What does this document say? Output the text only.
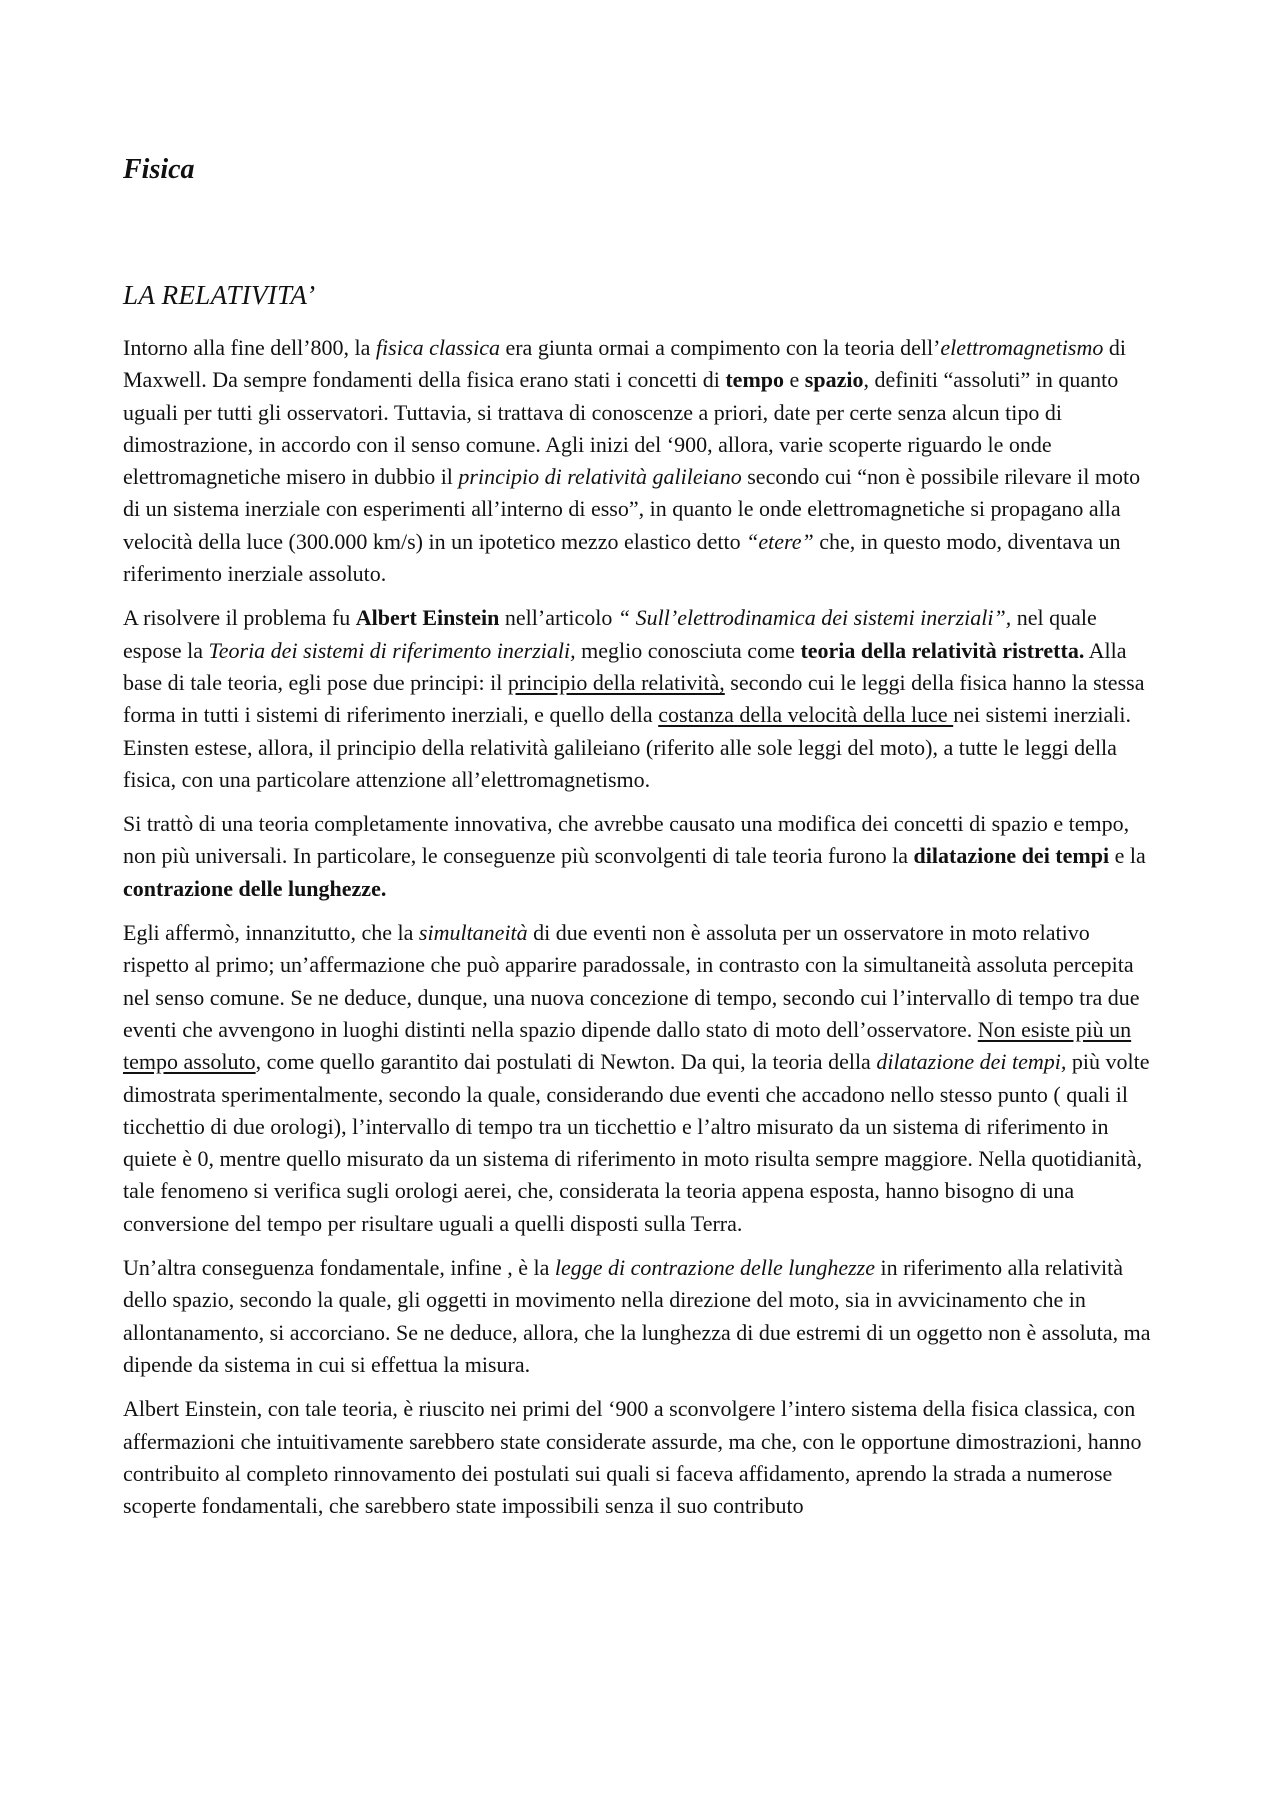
Fisica
LA RELATIVITA’

Intorno alla fine dell’800, la fisica classica era giunta ormai a compimento con la teoria dell’elettromagnetismo di Maxwell. Da sempre fondamenti della fisica erano stati i concetti di tempo e spazio, definiti “assoluti” in quanto uguali per tutti gli osservatori. Tuttavia, si trattava di conoscenze a priori, date per certe senza alcun tipo di dimostrazione, in accordo con il senso comune. Agli inizi del ‘900, allora, varie scoperte riguardo le onde elettromagnetiche misero in dubbio il principio di relatività galileiano secondo cui “non è possibile rilevare il moto di un sistema inerziale con esperimenti all’interno di esso”, in quanto le onde elettromagnetiche si propagano alla velocità della luce (300.000 km/s) in un ipotetico mezzo elastico detto “etere” che, in questo modo, diventava un riferimento inerziale assoluto.

A risolvere il problema fu Albert Einstein nell’articolo “ Sull’elettrodinamica dei sistemi inerziali”, nel quale espose la Teoria dei sistemi di riferimento inerziali, meglio conosciuta come teoria della relatività ristretta. Alla base di tale teoria, egli pose due principi: il principio della relatività, secondo cui le leggi della fisica hanno la stessa forma in tutti i sistemi di riferimento inerziali, e quello della costanza della velocità della luce nei sistemi inerziali. Einsten estese, allora, il principio della relatività galileiano (riferito alle sole leggi del moto), a tutte le leggi della fisica, con una particolare attenzione all’elettromagnetismo.

Si trattò di una teoria completamente innovativa, che avrebbe causato una modifica dei concetti di spazio e tempo, non più universali. In particolare, le conseguenze più sconvolgenti di tale teoria furono la dilatazione dei tempi e la contrazione delle lunghezze.

Egli affermò, innanzitutto, che la simultaneità di due eventi non è assoluta per un osservatore in moto relativo rispetto al primo; un’affermazione che può apparire paradossale, in contrasto con la simultaneità assoluta percepita nel senso comune. Se ne deduce, dunque, una nuova concezione di tempo, secondo cui l’intervallo di tempo tra due eventi che avvengono in luoghi distinti nella spazio dipende dallo stato di moto dell’osservatore. Non esiste più un tempo assoluto, come quello garantito dai postulati di Newton. Da qui, la teoria della dilatazione dei tempi, più volte dimostrata sperimentalmente, secondo la quale, considerando due eventi che accadono nello stesso punto ( quali il ticchettio di due orologi), l’intervallo di tempo tra un ticchettio e l’altro misurato da un sistema di riferimento in quiete è 0, mentre quello misurato da un sistema di riferimento in moto risulta sempre maggiore. Nella quotidianità, tale fenomeno si verifica sugli orologi aerei, che, considerata la teoria appena esposta, hanno bisogno di una conversione del tempo per risultare uguali a quelli disposti sulla Terra.

Un’altra conseguenza fondamentale, infine , è la legge di contrazione delle lunghezze in riferimento alla relatività dello spazio, secondo la quale, gli oggetti in movimento nella direzione del moto, sia in avvicinamento che in allontanamento, si accorciano. Se ne deduce, allora, che la lunghezza di due estremi di un oggetto non è assoluta, ma dipende da sistema in cui si effettua la misura.

Albert Einstein, con tale teoria, è riuscito nei primi del ‘900 a sconvolgere l’intero sistema della fisica classica, con affermazioni che intuitivamente sarebbero state considerate assurde, ma che, con le opportune dimostrazioni, hanno contribuito al completo rinnovamento dei postulati sui quali si faceva affidamento, aprendo la strada a numerose scoperte fondamentali, che sarebbero state impossibili senza il suo contributo
